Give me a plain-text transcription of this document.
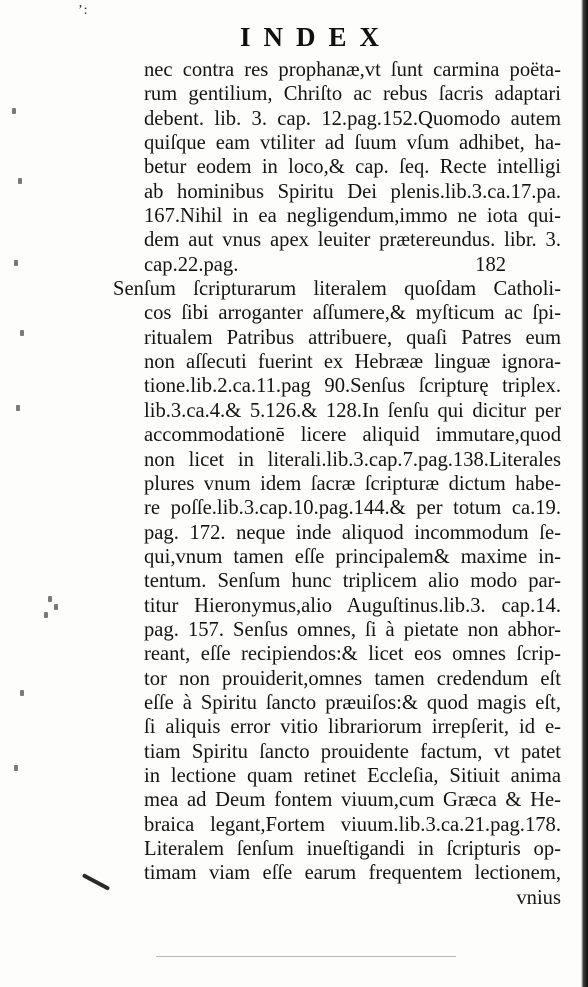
ʼ:
INDEX
nec contra res prophanæ,vt ſunt carmina poëta-
rum gentilium, Chriſto ac rebus ſacris adaptari
debent. lib. 3. cap. 12.pag.152.Quomodo autem
quiſque eam vtiliter ad ſuum vſum adhibet, ha-
betur eodem in loco,& cap. ſeq. Recte intelligi
ab hominibus Spiritu Dei plenis.lib.3.ca.17.pa.
167.Nihil in ea negligendum,immo ne iota qui-
dem aut vnus apex leuiter prætereundus. libr. 3.
cap.22.pag.                                              182
Senſum ſcripturarum literalem quoſdam Catholi-
cos ſibi arroganter aſſumere,& myſticum ac ſpi-
ritualem Patribus attribuere, quaſi Patres eum
non aſſecuti fuerint ex Hebrææ linguæ ignora-
tione.lib.2.ca.11.pag 90.Senſus ſcripturę triplex.
lib.3.ca.4.& 5.126.& 128.In ſenſu qui dicitur per
accommodationē licere aliquid immutare,quod
non licet in literali.lib.3.cap.7.pag.138.Literales
plures vnum idem ſacræ ſcripturæ dictum habe-
re poſſe.lib.3.cap.10.pag.144.& per totum ca.19.
pag. 172. neque inde aliquod incommodum ſe-
qui,vnum tamen eſſe principalem& maxime in-
tentum. Senſum hunc triplicem alio modo par-
titur Hieronymus,alio Auguſtinus.lib.3. cap.14.
pag. 157. Senſus omnes, ſi à pietate non abhor-
reant, eſſe recipiendos:& licet eos omnes ſcrip-
tor non prouiderit,omnes tamen credendum eſt
eſſe à Spiritu ſancto præuiſos:& quod magis eſt,
ſi aliquis error vitio librariorum irrepſerit, id e-
tiam Spiritu ſancto prouidente factum, vt patet
in lectione quam retinet Eccleſia, Sitiuit anima
mea ad Deum fontem viuum,cum Græca & He-
braica legant,Fortem viuum.lib.3.ca.21.pag.178.
Literalem ſenſum inueſtigandi in ſcripturis op-
timam viam eſſe earum frequentem lectionem,
vnius
